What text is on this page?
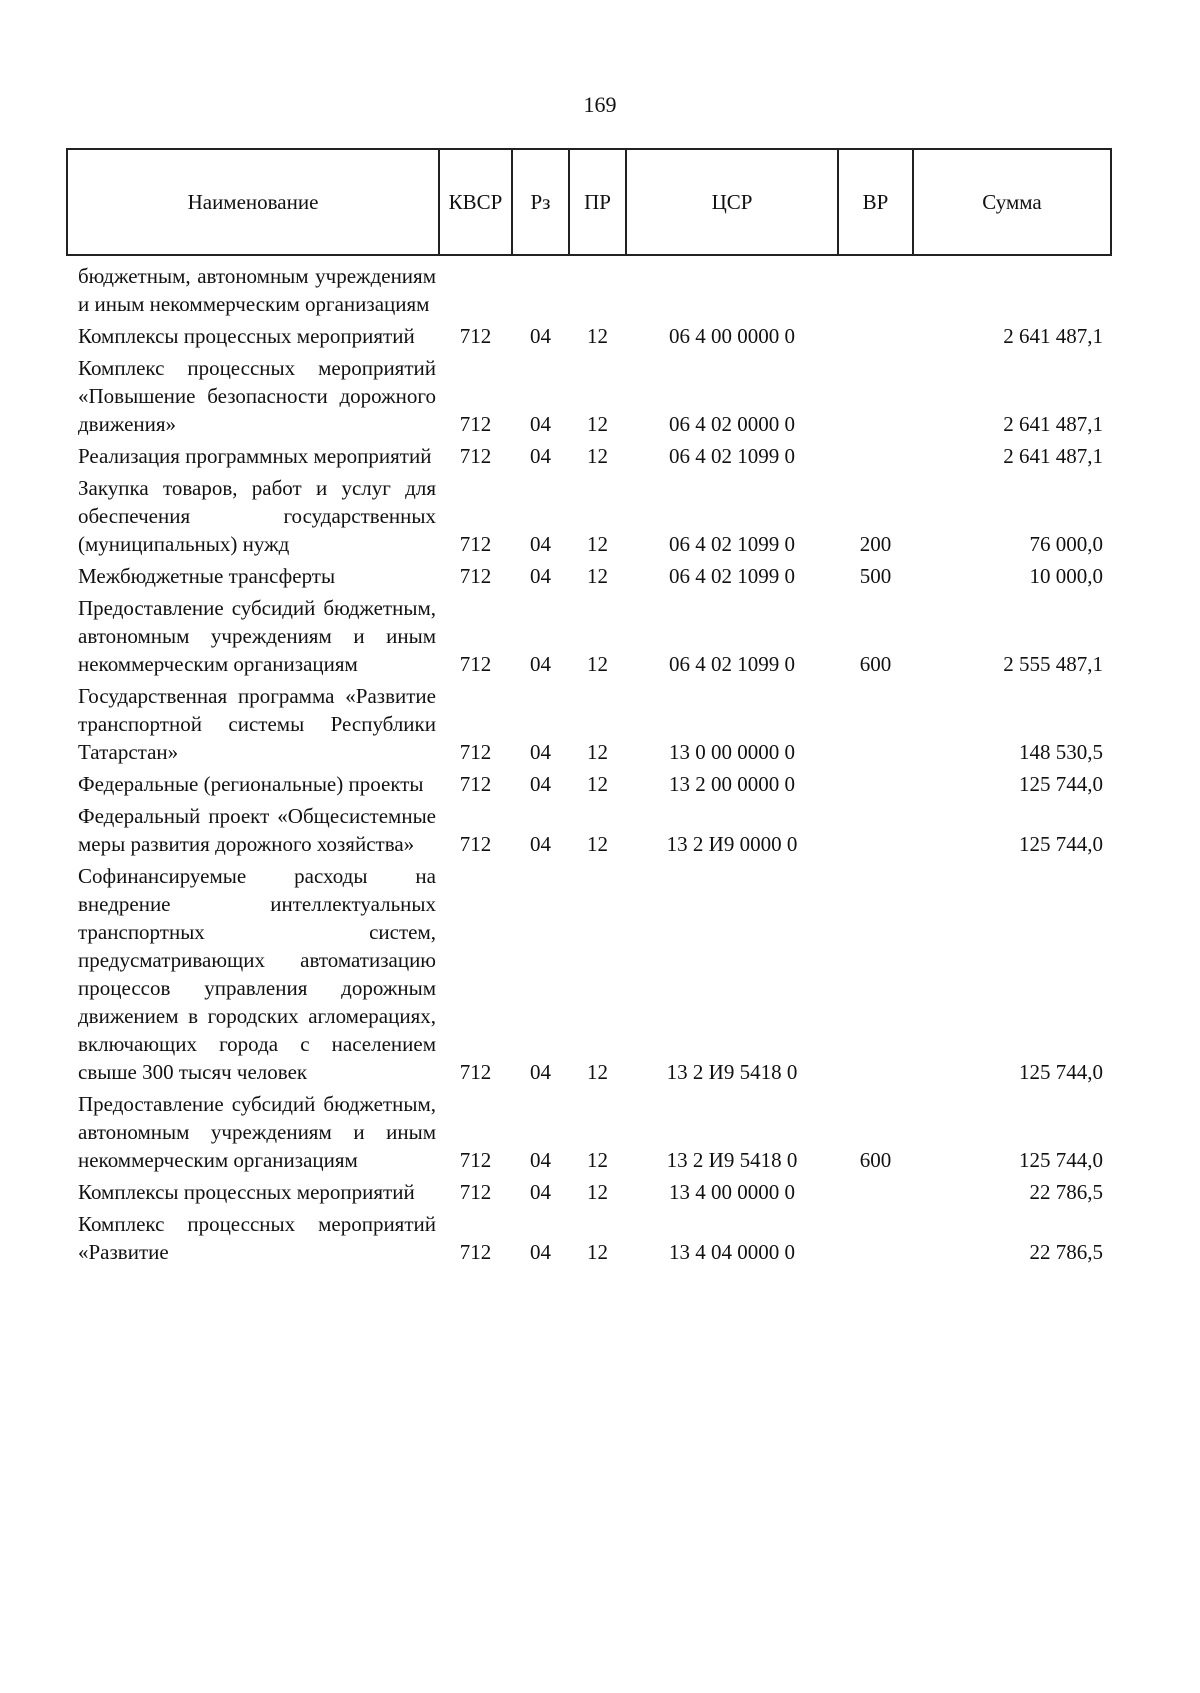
169
Наименование	КВСР	Рз	ПР	ЦСР	ВР	Сумма
бюджетным, автономным учреждениям и иным некоммерческим организациям						
Комплексы процессных мероприятий	712	04	12	06 4 00 0000 0		2 641 487,1
Комплекс процессных мероприятий «Повышение безопасности дорожного движения»	712	04	12	06 4 02 0000 0		2 641 487,1
Реализация программных мероприятий	712	04	12	06 4 02 1099 0		2 641 487,1
Закупка товаров, работ и услуг для обеспечения государственных (муниципальных) нужд	712	04	12	06 4 02 1099 0	200	76 000,0
Межбюджетные трансферты	712	04	12	06 4 02 1099 0	500	10 000,0
Предоставление субсидий бюджетным, автономным учреждениям и иным некоммерческим организациям	712	04	12	06 4 02 1099 0	600	2 555 487,1
Государственная программа «Развитие транспортной системы Республики Татарстан»	712	04	12	13 0 00 0000 0		148 530,5
Федеральные (региональные) проекты	712	04	12	13 2 00 0000 0		125 744,0
Федеральный проект «Общесистемные меры развития дорожного хозяйства»	712	04	12	13 2 И9 0000 0		125 744,0
Софинансируемые расходы на внедрение интеллектуальных транспортных систем, предусматривающих автоматизацию процессов управления дорожным движением в городских агломерациях, включающих города с населением свыше 300 тысяч человек	712	04	12	13 2 И9 5418 0		125 744,0
Предоставление субсидий бюджетным, автономным учреждениям и иным некоммерческим организациям	712	04	12	13 2 И9 5418 0	600	125 744,0
Комплексы процессных мероприятий	712	04	12	13 4 00 0000 0		22 786,5
Комплекс процессных мероприятий «Развитие	712	04	12	13 4 04 0000 0		22 786,5
